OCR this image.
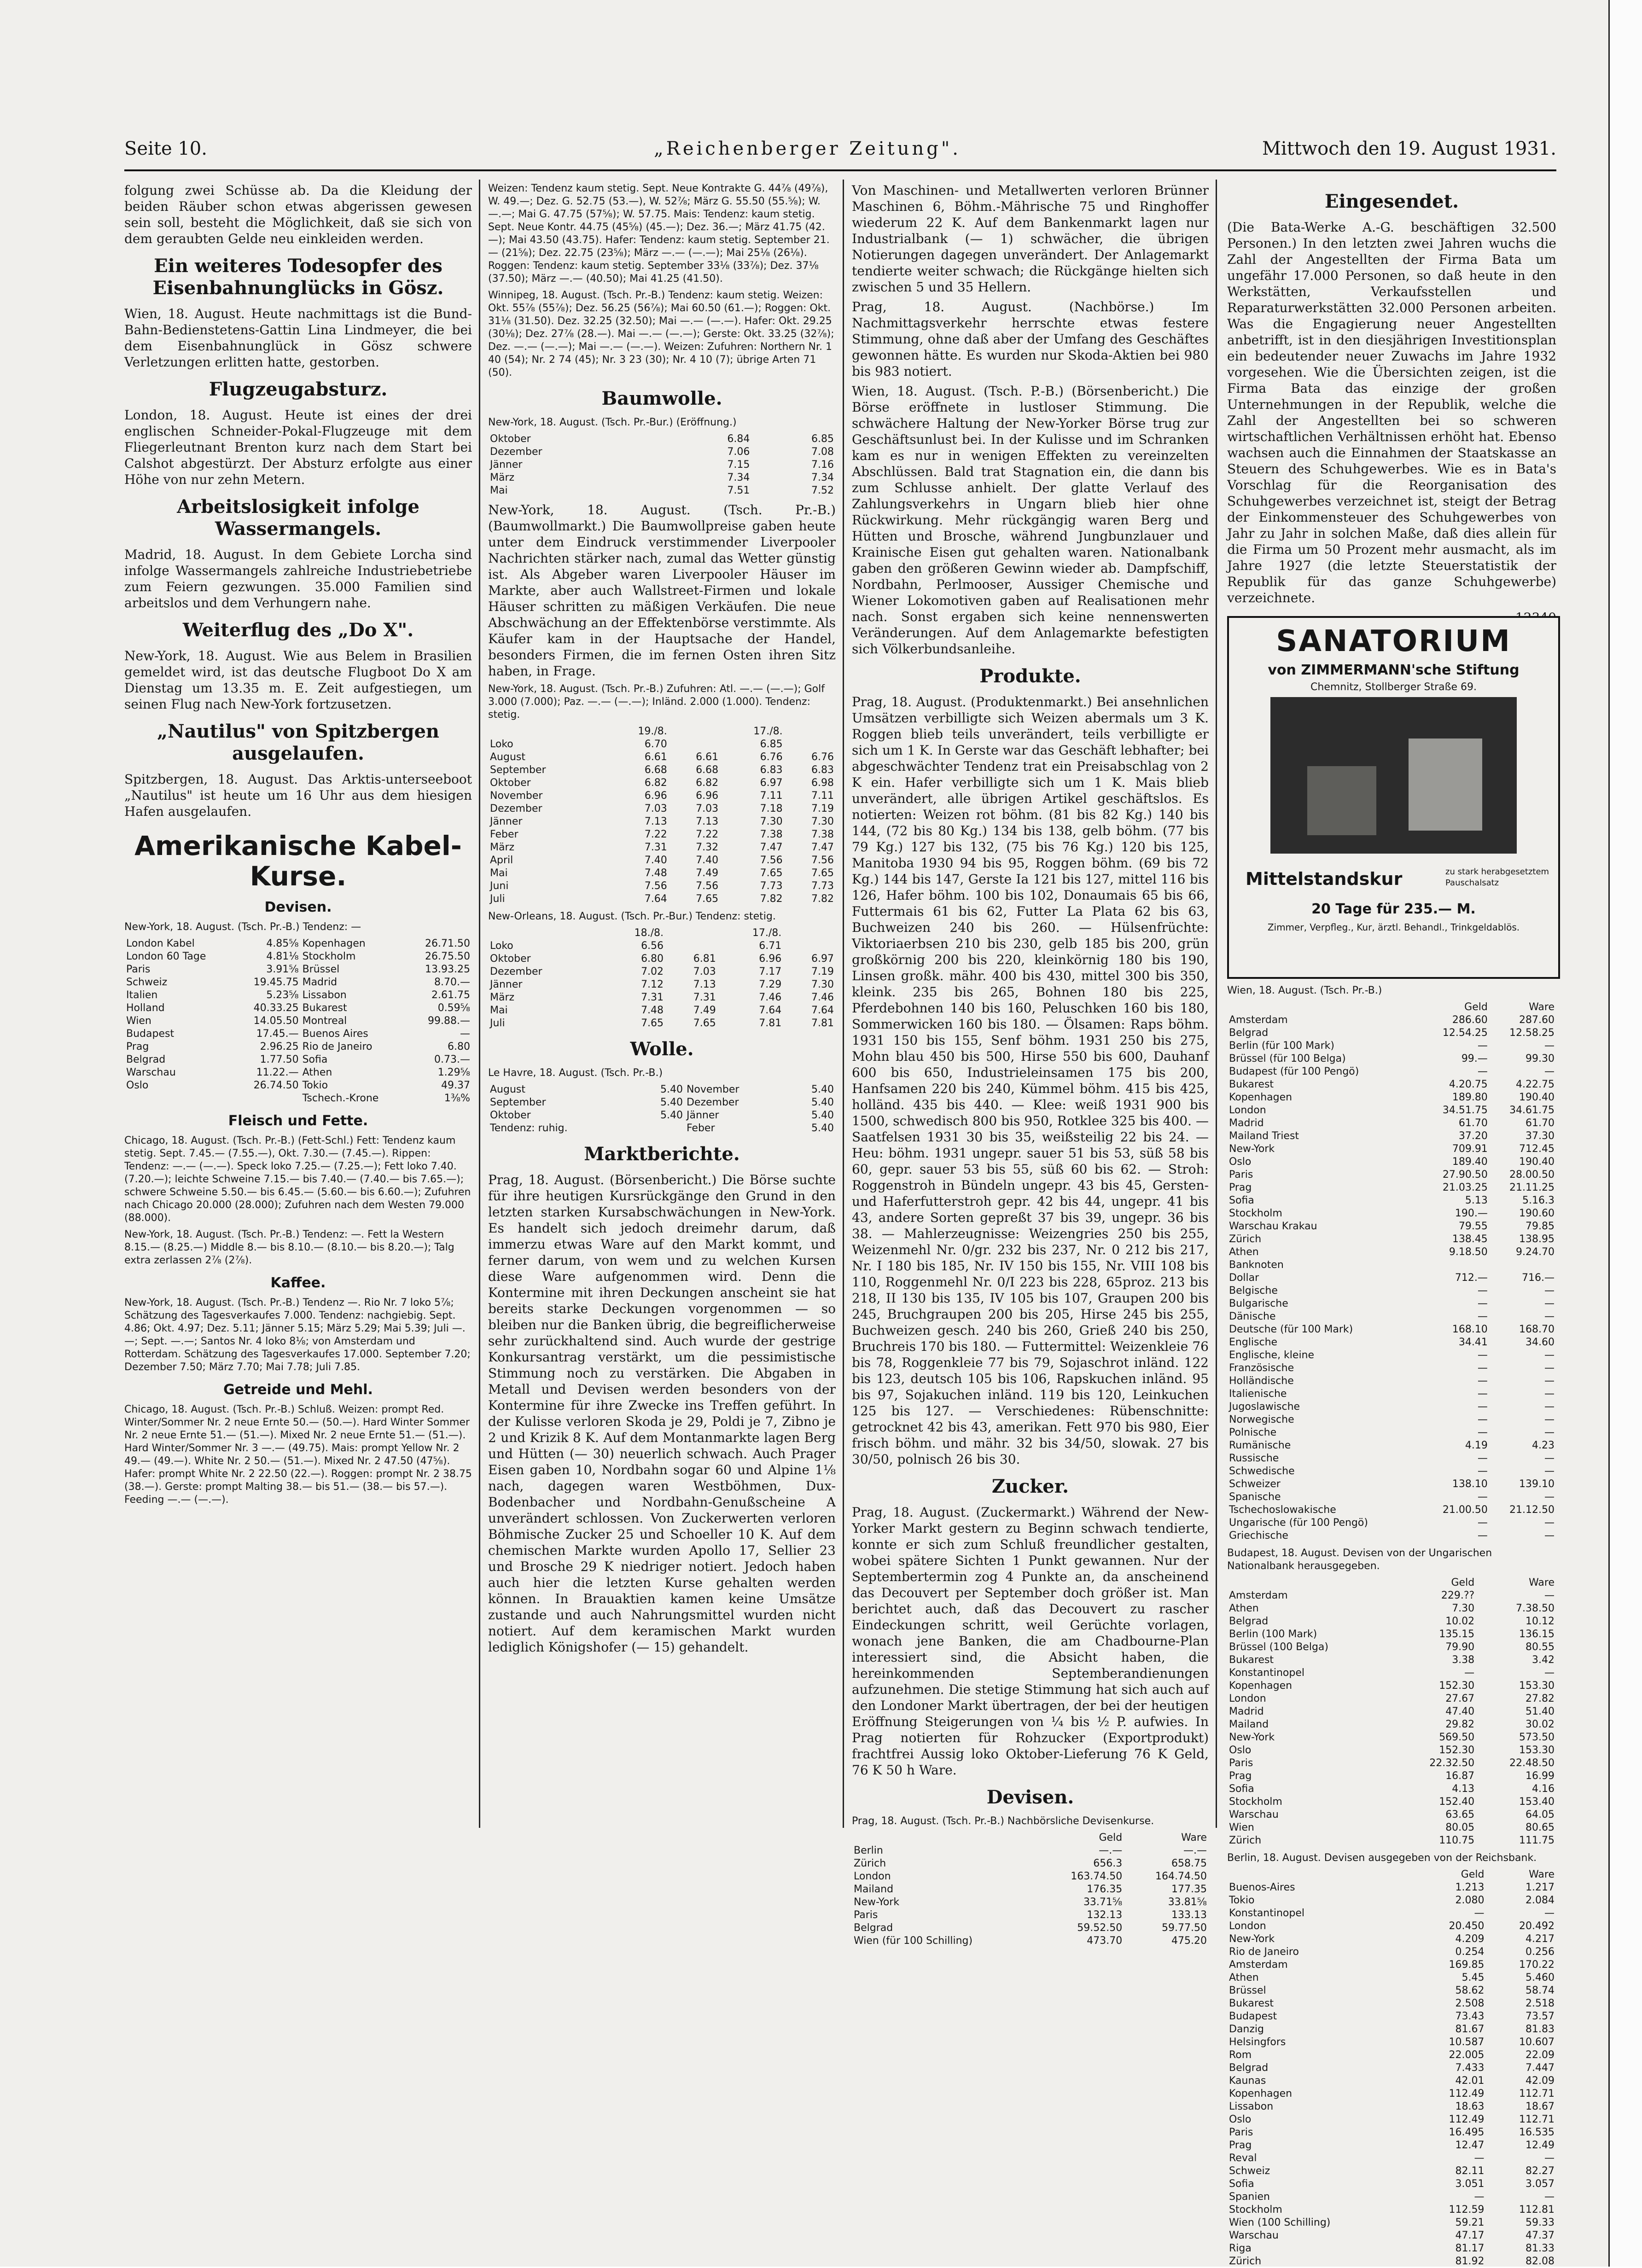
Seite 10.	„Reichenberger Zeitung".	Mittwoch den 19. August 1931.

folgung zwei Schüsse ab. Da die Kleidung der beiden Räuber schon etwas abgerissen gewesen sein soll, besteht die Möglichkeit, daß sie sich von dem geraubten Gelde neu einkleiden werden.

Ein weiteres Todesopfer des Eisenbahnunglücks in Gösz.

Wien, 18. August. Heute nachmittags ist die Bund-Bahn-Bedienstetens-Gattin Lina Lindmeyer, die bei dem Eisenbahnunglück in Gösz schwere Verletzungen erlitten hatte, gestorben.

Flugzeugabsturz.

London, 18. August. Heute ist eines der drei englischen Schneider-Pokal-Flugzeuge mit dem Fliegerleutnant Brenton kurz nach dem Start bei Calshot abgestürzt. Der Absturz erfolgte aus einer Höhe von nur zehn Metern.

Arbeitslosigkeit infolge Wassermangels.

Madrid, 18. August. In dem Gebiete Lorcha sind infolge Wassermangels zahlreiche Industriebetriebe zum Feiern gezwungen. 35.000 Familien sind arbeitslos und dem Verhungern nahe.

Weiterflug des „Do X".

New-York, 18. August. Wie aus Belem in Brasilien gemeldet wird, ist das deutsche Flugboot Do X am Dienstag um 13.35 m. E. Zeit aufgestiegen, um seinen Flug nach New-York fortzusetzen.

„Nautilus" von Spitzbergen ausgelaufen.

Spitzbergen, 18. August. Das Arktis-unterseeboot „Nautilus" ist heute um 16 Uhr aus dem hiesigen Hafen ausgelaufen.

Amerikanische Kabel-Kurse.
Devisen.
New-York, 18. August. (Tsch. Pr.-B.) Tendenz: —
London Kabel	4.85⅝	Kopenhagen	26.71.50
London 60 Tage	4.81⅛	Stockholm	26.75.50
Paris	3.91⅝	Brüssel	13.93.25
Schweiz	19.45.75	Madrid	8.70.—
Italien	5.23⅝	Lissabon	2.61.75
Holland	40.33.25	Bukarest	0.59⅝
Wien	14.05.50	Montreal	99.88.—
Budapest	17.45.—	Buenos Aires	—
Prag	2.96.25	Rio de Janeiro	6.80
Belgrad	1.77.50	Sofia	0.73.—
Warschau	11.22.—	Athen	1.29⅝
Oslo	26.74.50	Tokio	49.37
		Tschech.-Krone	1⅜%
Fleisch und Fette.
Chicago, 18. August. (Tsch. Pr.-B.) (Fett-Schl.) Fett: Tendenz kaum stetig. Sept. 7.45.— (7.55.—), Okt. 7.30.— (7.45.—). Rippen: Tendenz: —.— (—.—). Speck loko 7.25.— (7.25.—); Fett loko 7.40. (7.20.—); leichte Schweine 7.15.— bis 7.40.— (7.40.— bis 7.65.—); schwere Schweine 5.50.— bis 6.45.— (5.60.— bis 6.60.—); Zufuhren nach Chicago 20.000 (28.000); Zufuhren nach dem Westen 79.000 (88.000).
New-York, 18. August. (Tsch. Pr.-B.) Tendenz: —. Fett la Western 8.15.— (8.25.—) Middle 8.— bis 8.10.— (8.10.— bis 8.20.—); Talg extra zerlassen 2⅞ (2⅞).
Kaffee.
New-York, 18. August. (Tsch. Pr.-B.) Tendenz —. Rio Nr. 7 loko 5⅞; Schätzung des Tagesverkaufes 7.000. Tendenz: nachgiebig. Sept. 4.86; Okt. 4.97; Dez. 5.11; Jänner 5.15; März 5.29; Mai 5.39; Juli —.—; Sept. —.—; Santos Nr. 4 loko 8⅛; von Amsterdam und Rotterdam. Schätzung des Tagesverkaufes 17.000. September 7.20; Dezember 7.50; März 7.70; Mai 7.78; Juli 7.85.
Getreide und Mehl.
Chicago, 18. August. (Tsch. Pr.-B.) Schluß. Weizen: prompt Red. Winter/Sommer Nr. 2 neue Ernte 50.— (50.—). Hard Winter Sommer Nr. 2 neue Ernte 51.— (51.—). Mixed Nr. 2 neue Ernte 51.— (51.—). Hard Winter/Sommer Nr. 3 —.— (49.75). Mais: prompt Yellow Nr. 2 49.— (49.—). White Nr. 2 50.— (51.—). Mixed Nr. 2 47.50 (47⅝). Hafer: prompt White Nr. 2 22.50 (22.—). Roggen: prompt Nr. 2 38.75 (38.—). Gerste: prompt Malting 38.— bis 51.— (38.— bis 57.—). Feeding —.— (—.—).
Weizen: Tendenz kaum stetig. Sept. Neue Kontrakte G. 44⅞ (49⅞), W. 49.—; Dez. G. 52.75 (53.—), W. 52⅞; März G. 55.50 (55.⅝); W. —.—; Mai G. 47.75 (57⅝); W. 57.75. Mais: Tendenz: kaum stetig. Sept. Neue Kontr. 44.75 (45⅝) (45.—); Dez. 36.—; März 41.75 (42.—); Mai 43.50 (43.75). Hafer: Tendenz: kaum stetig. September 21.— (21⅝); Dez. 22.75 (23⅝); März —.— (—.—); Mai 25⅛ (26⅛). Roggen: Tendenz: kaum stetig. September 33⅛ (33⅞); Dez. 37⅛ (37.50); März —.— (40.50); Mai 41.25 (41.50).
Winnipeg, 18. August. (Tsch. Pr.-B.) Tendenz: kaum stetig. Weizen: Okt. 55⅞ (55⅞); Dez. 56.25 (56⅞); Mai 60.50 (61.—); Roggen: Okt. 31⅛ (31.50). Dez. 32.25 (32.50); Mai —.— (—.—). Hafer: Okt. 29.25 (30⅛); Dez. 27⅞ (28.—). Mai —.— (—.—); Gerste: Okt. 33.25 (32⅞); Dez. —.— (—.—); Mai —.— (—.—). Weizen: Zufuhren: Northern Nr. 1 40 (54); Nr. 2 74 (45); Nr. 3 23 (30); Nr. 4 10 (7); übrige Arten 71 (50).
Baumwolle.
New-York, 18. August. (Tsch. Pr.-Bur.) (Eröffnung.)
Oktober	6.84	6.85
Dezember	7.06	7.08
Jänner	7.15	7.16
März	7.34	7.34
Mai	7.51	7.52

New-York, 18. August. (Tsch. Pr.-B.) (Baumwollmarkt.) Die Baumwollpreise gaben heute unter dem Eindruck verstimmender Liverpooler Nachrichten stärker nach, zumal das Wetter günstig ist. Als Abgeber waren Liverpooler Häuser im Markte, aber auch Wallstreet-Firmen und lokale Häuser schritten zu mäßigen Verkäufen. Die neue Abschwächung an der Effektenbörse verstimmte. Als Käufer kam in der Hauptsache der Handel, besonders Firmen, die im fernen Osten ihren Sitz haben, in Frage.

New-York, 18. August. (Tsch. Pr.-B.) Zufuhren: Atl. —.— (—.—); Golf 3.000 (7.000); Paz. —.— (—.—); Inländ. 2.000 (1.000). Tendenz: stetig.
	19./8.		17./8.	
Loko	6.70		6.85	
August	6.61	6.61	6.76	6.76
September	6.68	6.68	6.83	6.83
Oktober	6.82	6.82	6.97	6.98
November	6.96	6.96	7.11	7.11
Dezember	7.03	7.03	7.18	7.19
Jänner	7.13	7.13	7.30	7.30
Feber	7.22	7.22	7.38	7.38
März	7.31	7.32	7.47	7.47
April	7.40	7.40	7.56	7.56
Mai	7.48	7.49	7.65	7.65
Juni	7.56	7.56	7.73	7.73
Juli	7.64	7.65	7.82	7.82
New-Orleans, 18. August. (Tsch. Pr.-Bur.) Tendenz: stetig.
	18./8.		17./8.	
Loko	6.56		6.71	
Oktober	6.80	6.81	6.96	6.97
Dezember	7.02	7.03	7.17	7.19
Jänner	7.12	7.13	7.29	7.30
März	7.31	7.31	7.46	7.46
Mai	7.48	7.49	7.64	7.64
Juli	7.65	7.65	7.81	7.81
Wolle.
Le Havre, 18. August. (Tsch. Pr.-B.)
August	5.40	November	5.40
September	5.40	Dezember	5.40
Oktober	5.40	Jänner	5.40
Tendenz: ruhig.		Feber	5.40
Marktberichte.

Prag, 18. August. (Börsenbericht.) Die Börse suchte für ihre heutigen Kursrückgänge den Grund in den letzten starken Kursabschwächungen in New-York. Es handelt sich jedoch dreimehr darum, daß immerzu etwas Ware auf den Markt kommt, und ferner darum, von wem und zu welchen Kursen diese Ware aufgenommen wird. Denn die Kontermine mit ihren Deckungen anscheint sie hat bereits starke Deckungen vorgenommen — so bleiben nur die Banken übrig, die begreiflicherweise sehr zurückhaltend sind. Auch wurde der gestrige Konkursantrag verstärkt, um die pessimistische Stimmung noch zu verstärken. Die Abgaben in Metall und Devisen werden besonders von der Kontermine für ihre Zwecke ins Treffen geführt. In der Kulisse verloren Skoda je 29, Poldi je 7, Zibno je 2 und Krizik 8 K. Auf dem Montanmarkte lagen Berg und Hütten (— 30) neuerlich schwach. Auch Prager Eisen gaben 10, Nordbahn sogar 60 und Alpine 1⅛ nach, dagegen waren Westböhmen, Dux-Bodenbacher und Nordbahn-Genußscheine A unverändert schlossen. Von Zuckerwerten verloren Böhmische Zucker 25 und Schoeller 10 K. Auf dem chemischen Markte wurden Apollo 17, Sellier 23 und Brosche 29 K niedriger notiert. Jedoch haben auch hier die letzten Kurse gehalten werden können. In Brauaktien kamen keine Umsätze zustande und auch Nahrungsmittel wurden nicht notiert. Auf dem keramischen Markt wurden lediglich Königshofer (— 15) gehandelt.

Von Maschinen- und Metallwerten verloren Brünner Maschinen 6, Böhm.-Mährische 75 und Ringhoffer wiederum 22 K. Auf dem Bankenmarkt lagen nur Industrialbank (— 1) schwächer, die übrigen Notierungen dagegen unverändert. Der Anlagemarkt tendierte weiter schwach; die Rückgänge hielten sich zwischen 5 und 35 Hellern.

Prag, 18. August. (Nachbörse.) Im Nachmittagsverkehr herrschte etwas festere Stimmung, ohne daß aber der Umfang des Geschäftes gewonnen hätte. Es wurden nur Skoda-Aktien bei 980 bis 983 notiert.

Wien, 18. August. (Tsch. P.-B.) (Börsenbericht.) Die Börse eröffnete in lustloser Stimmung. Die schwächere Haltung der New-Yorker Börse trug zur Geschäftsunlust bei. In der Kulisse und im Schranken kam es nur in wenigen Effekten zu vereinzelten Abschlüssen. Bald trat Stagnation ein, die dann bis zum Schlusse anhielt. Der glatte Verlauf des Zahlungsverkehrs in Ungarn blieb hier ohne Rückwirkung. Mehr rückgängig waren Berg und Hütten und Brosche, während Jungbunzlauer und Krainische Eisen gut gehalten waren. Nationalbank gaben den größeren Gewinn wieder ab. Dampfschiff, Nordbahn, Perlmooser, Aussiger Chemische und Wiener Lokomotiven gaben auf Realisationen mehr nach. Sonst ergaben sich keine nennenswerten Veränderungen. Auf dem Anlagemarkte befestigten sich Völkerbundsanleihe.

Produkte.

Prag, 18. August. (Produktenmarkt.) Bei ansehnlichen Umsätzen verbilligte sich Weizen abermals um 3 K. Roggen blieb teils unverändert, teils verbilligte er sich um 1 K. In Gerste war das Geschäft lebhafter; bei abgeschwächter Tendenz trat ein Preisabschlag von 2 K ein. Hafer verbilligte sich um 1 K. Mais blieb unverändert, alle übrigen Artikel geschäftslos. Es notierten: Weizen rot böhm. (81 bis 82 Kg.) 140 bis 144, (72 bis 80 Kg.) 134 bis 138, gelb böhm. (77 bis 79 Kg.) 127 bis 132, (75 bis 76 Kg.) 120 bis 125, Manitoba 1930 94 bis 95, Roggen böhm. (69 bis 72 Kg.) 144 bis 147, Gerste Ia 121 bis 127, mittel 116 bis 126, Hafer böhm. 100 bis 102, Donaumais 65 bis 66, Futtermais 61 bis 62, Futter La Plata 62 bis 63, Buchweizen 240 bis 260. — Hülsenfrüchte: Viktoriaerbsen 210 bis 230, gelb 185 bis 200, grün großkörnig 200 bis 220, kleinkörnig 180 bis 190, Linsen großk. mähr. 400 bis 430, mittel 300 bis 350, kleink. 235 bis 265, Bohnen 180 bis 225, Pferdebohnen 140 bis 160, Peluschken 160 bis 180, Sommerwicken 160 bis 180. — Ölsamen: Raps böhm. 1931 150 bis 155, Senf böhm. 1931 250 bis 275, Mohn blau 450 bis 500, Hirse 550 bis 600, Dauhanf 600 bis 650, Industrieleinsamen 175 bis 200, Hanfsamen 220 bis 240, Kümmel böhm. 415 bis 425, holländ. 435 bis 440. — Klee: weiß 1931 900 bis 1500, schwedisch 800 bis 950, Rotklee 325 bis 400. — Saatfelsen 1931 30 bis 35, weißsteilig 22 bis 24. — Heu: böhm. 1931 ungepr. sauer 51 bis 53, süß 58 bis 60, gepr. sauer 53 bis 55, süß 60 bis 62. — Stroh: Roggenstroh in Bündeln ungepr. 43 bis 45, Gersten- und Haferfutterstroh gepr. 42 bis 44, ungepr. 41 bis 43, andere Sorten gepreßt 37 bis 39, ungepr. 36 bis 38. — Mahlerzeugnisse: Weizengries 250 bis 255, Weizenmehl Nr. 0/gr. 232 bis 237, Nr. 0 212 bis 217, Nr. I 180 bis 185, Nr. IV 150 bis 155, Nr. VIII 108 bis 110, Roggenmehl Nr. 0/I 223 bis 228, 65proz. 213 bis 218, II 130 bis 135, IV 105 bis 107, Graupen 200 bis 245, Bruchgraupen 200 bis 205, Hirse 245 bis 255, Buchweizen gesch. 240 bis 260, Grieß 240 bis 250, Bruchreis 170 bis 180. — Futtermittel: Weizenkleie 76 bis 78, Roggenkleie 77 bis 79, Sojaschrot inländ. 122 bis 123, deutsch 105 bis 106, Rapskuchen inländ. 95 bis 97, Sojakuchen inländ. 119 bis 120, Leinkuchen 125 bis 127. — Verschiedenes: Rübenschnitte: getrocknet 42 bis 43, amerikan. Fett 970 bis 980, Eier frisch böhm. und mähr. 32 bis 34/50, slowak. 27 bis 30/50, polnisch 26 bis 30.

Zucker.

Prag, 18. August. (Zuckermarkt.) Während der New-Yorker Markt gestern zu Beginn schwach tendierte, konnte er sich zum Schluß freundlicher gestalten, wobei spätere Sichten 1 Punkt gewannen. Nur der Septembertermin zog 4 Punkte an, da anscheinend das Decouvert per September doch größer ist. Man berichtet auch, daß das Decouvert zu rascher Eindeckungen schritt, weil Gerüchte vorlagen, wonach jene Banken, die am Chadbourne-Plan interessiert sind, die Absicht haben, die hereinkommenden Septemberandienungen aufzunehmen. Die stetige Stimmung hat sich auch auf den Londoner Markt übertragen, der bei der heutigen Eröffnung Steigerungen von ¼ bis ½ P. aufwies. In Prag notierten für Rohzucker (Exportprodukt) frachtfrei Aussig loko Oktober-Lieferung 76 K Geld, 76 K 50 h Ware.

Devisen.
Prag, 18. August. (Tsch. Pr.-B.) Nachbörsliche Devisenkurse.
	Geld	Ware
Berlin	—.—	—.—
Zürich	656.3	658.75
London	163.74.50	164.74.50
Mailand	176.35	177.35
New-York	33.71⅝	33.81⅝
Paris	132.13	133.13
Belgrad	59.52.50	59.77.50
Wien (für 100 Schilling)	473.70	475.20
Eingesendet.

(Die Bata-Werke A.-G. beschäftigen 32.500 Personen.) In den letzten zwei Jahren wuchs die Zahl der Angestellten der Firma Bata um ungefähr 17.000 Personen, so daß heute in den Werkstätten, Verkaufsstellen und Reparaturwerkstätten 32.000 Personen arbeiten. Was die Engagierung neuer Angestellten anbetrifft, ist in den diesjährigen Investitionsplan ein bedeutender neuer Zuwachs im Jahre 1932 vorgesehen. Wie die Übersichten zeigen, ist die Firma Bata das einzige der großen Unternehmungen in der Republik, welche die Zahl der Angestellten bei so schweren wirtschaftlichen Verhältnissen erhöht hat. Ebenso wachsen auch die Einnahmen der Staatskasse an Steuern des Schuhgewerbes. Wie es in Bata's Vorschlag für die Reorganisation des Schuhgewerbes verzeichnet ist, steigt der Betrag der Einkommensteuer des Schuhgewerbes von Jahr zu Jahr in solchen Maße, daß dies allein für die Firma um 50 Prozent mehr ausmacht, als im Jahre 1927 (die letzte Steuerstatistik der Republik für das ganze Schuhgewerbe) verzeichnete.

SANATORIUM
von ZIMMERMANN'sche Stiftung
Chemnitz, Stollberger Straße 69.
Mittelstandskur	zu stark herabgesetztem Pauschalsatz
20 Tage für 235.— M.
Zimmer, Verpfleg., Kur, ärztl. Behandl., Trinkgeldablös.
Wien, 18. August. (Tsch. Pr.-B.)
	Geld	Ware
Amsterdam	286.60	287.60
Belgrad	12.54.25	12.58.25
Berlin (für 100 Mark)	—	—
Brüssel (für 100 Belga)	99.—	99.30
Budapest (für 100 Pengö)	—	—
Bukarest	4.20.75	4.22.75
Kopenhagen	189.80	190.40
London	34.51.75	34.61.75
Madrid	61.70	61.70
Mailand Triest	37.20	37.30
New-York	709.91	712.45
Oslo	189.40	190.40
Paris	27.90.50	28.00.50
Prag	21.03.25	21.11.25
Sofia	5.13	5.16.3
Stockholm	190.—	190.60
Warschau Krakau	79.55	79.85
Zürich	138.45	138.95
Athen	9.18.50	9.24.70
Banknoten		
Dollar	712.—	716.—
Belgische	—	—
Bulgarische	—	—
Dänische	—	—
Deutsche (für 100 Mark)	168.10	168.70
Englische	34.41	34.60
Englische, kleine	—	—
Französische	—	—
Holländische	—	—
Italienische	—	—
Jugoslawische	—	—
Norwegische	—	—
Polnische	—	—
Rumänische	4.19	4.23
Russische	—	—
Schwedische	—	—
Schweizer	138.10	139.10
Spanische	—	—
Tschechoslowakische	21.00.50	21.12.50
Ungarische (für 100 Pengö)	—	—
Griechische	—	—
Budapest, 18. August. Devisen von der Ungarischen Nationalbank herausgegeben.
	Geld	Ware
Amsterdam	229.??	—
Athen	7.30	7.38.50
Belgrad	10.02	10.12
Berlin (100 Mark)	135.15	136.15
Brüssel (100 Belga)	79.90	80.55
Bukarest	3.38	3.42
Konstantinopel	—	—
Kopenhagen	152.30	153.30
London	27.67	27.82
Madrid	47.40	51.40
Mailand	29.82	30.02
New-York	569.50	573.50
Oslo	152.30	153.30
Paris	22.32.50	22.48.50
Prag	16.87	16.99
Sofia	4.13	4.16
Stockholm	152.40	153.40
Warschau	63.65	64.05
Wien	80.05	80.65
Zürich	110.75	111.75
Berlin, 18. August. Devisen ausgegeben von der Reichsbank.
	Geld	Ware
Buenos-Aires	1.213	1.217
Tokio	2.080	2.084
Konstantinopel	—	—
London	20.450	20.492
New-York	4.209	4.217
Rio de Janeiro	0.254	0.256
Amsterdam	169.85	170.22
Athen	5.45	5.460
Brüssel	58.62	58.74
Bukarest	2.508	2.518
Budapest	73.43	73.57
Danzig	81.67	81.83
Helsingfors	10.587	10.607
Rom	22.005	22.09
Belgrad	7.433	7.447
Kaunas	42.01	42.09
Kopenhagen	112.49	112.71
Lissabon	18.63	18.67
Oslo	112.49	112.71
Paris	16.495	16.535
Prag	12.47	12.49
Reval	—	—
Schweiz	82.11	82.27
Sofia	3.051	3.057
Spanien	—	—
Stockholm	112.59	112.81
Wien (100 Schilling)	59.21	59.33
Warschau	47.17	47.37
Riga	81.17	81.33
Zürich	81.92	82.08
